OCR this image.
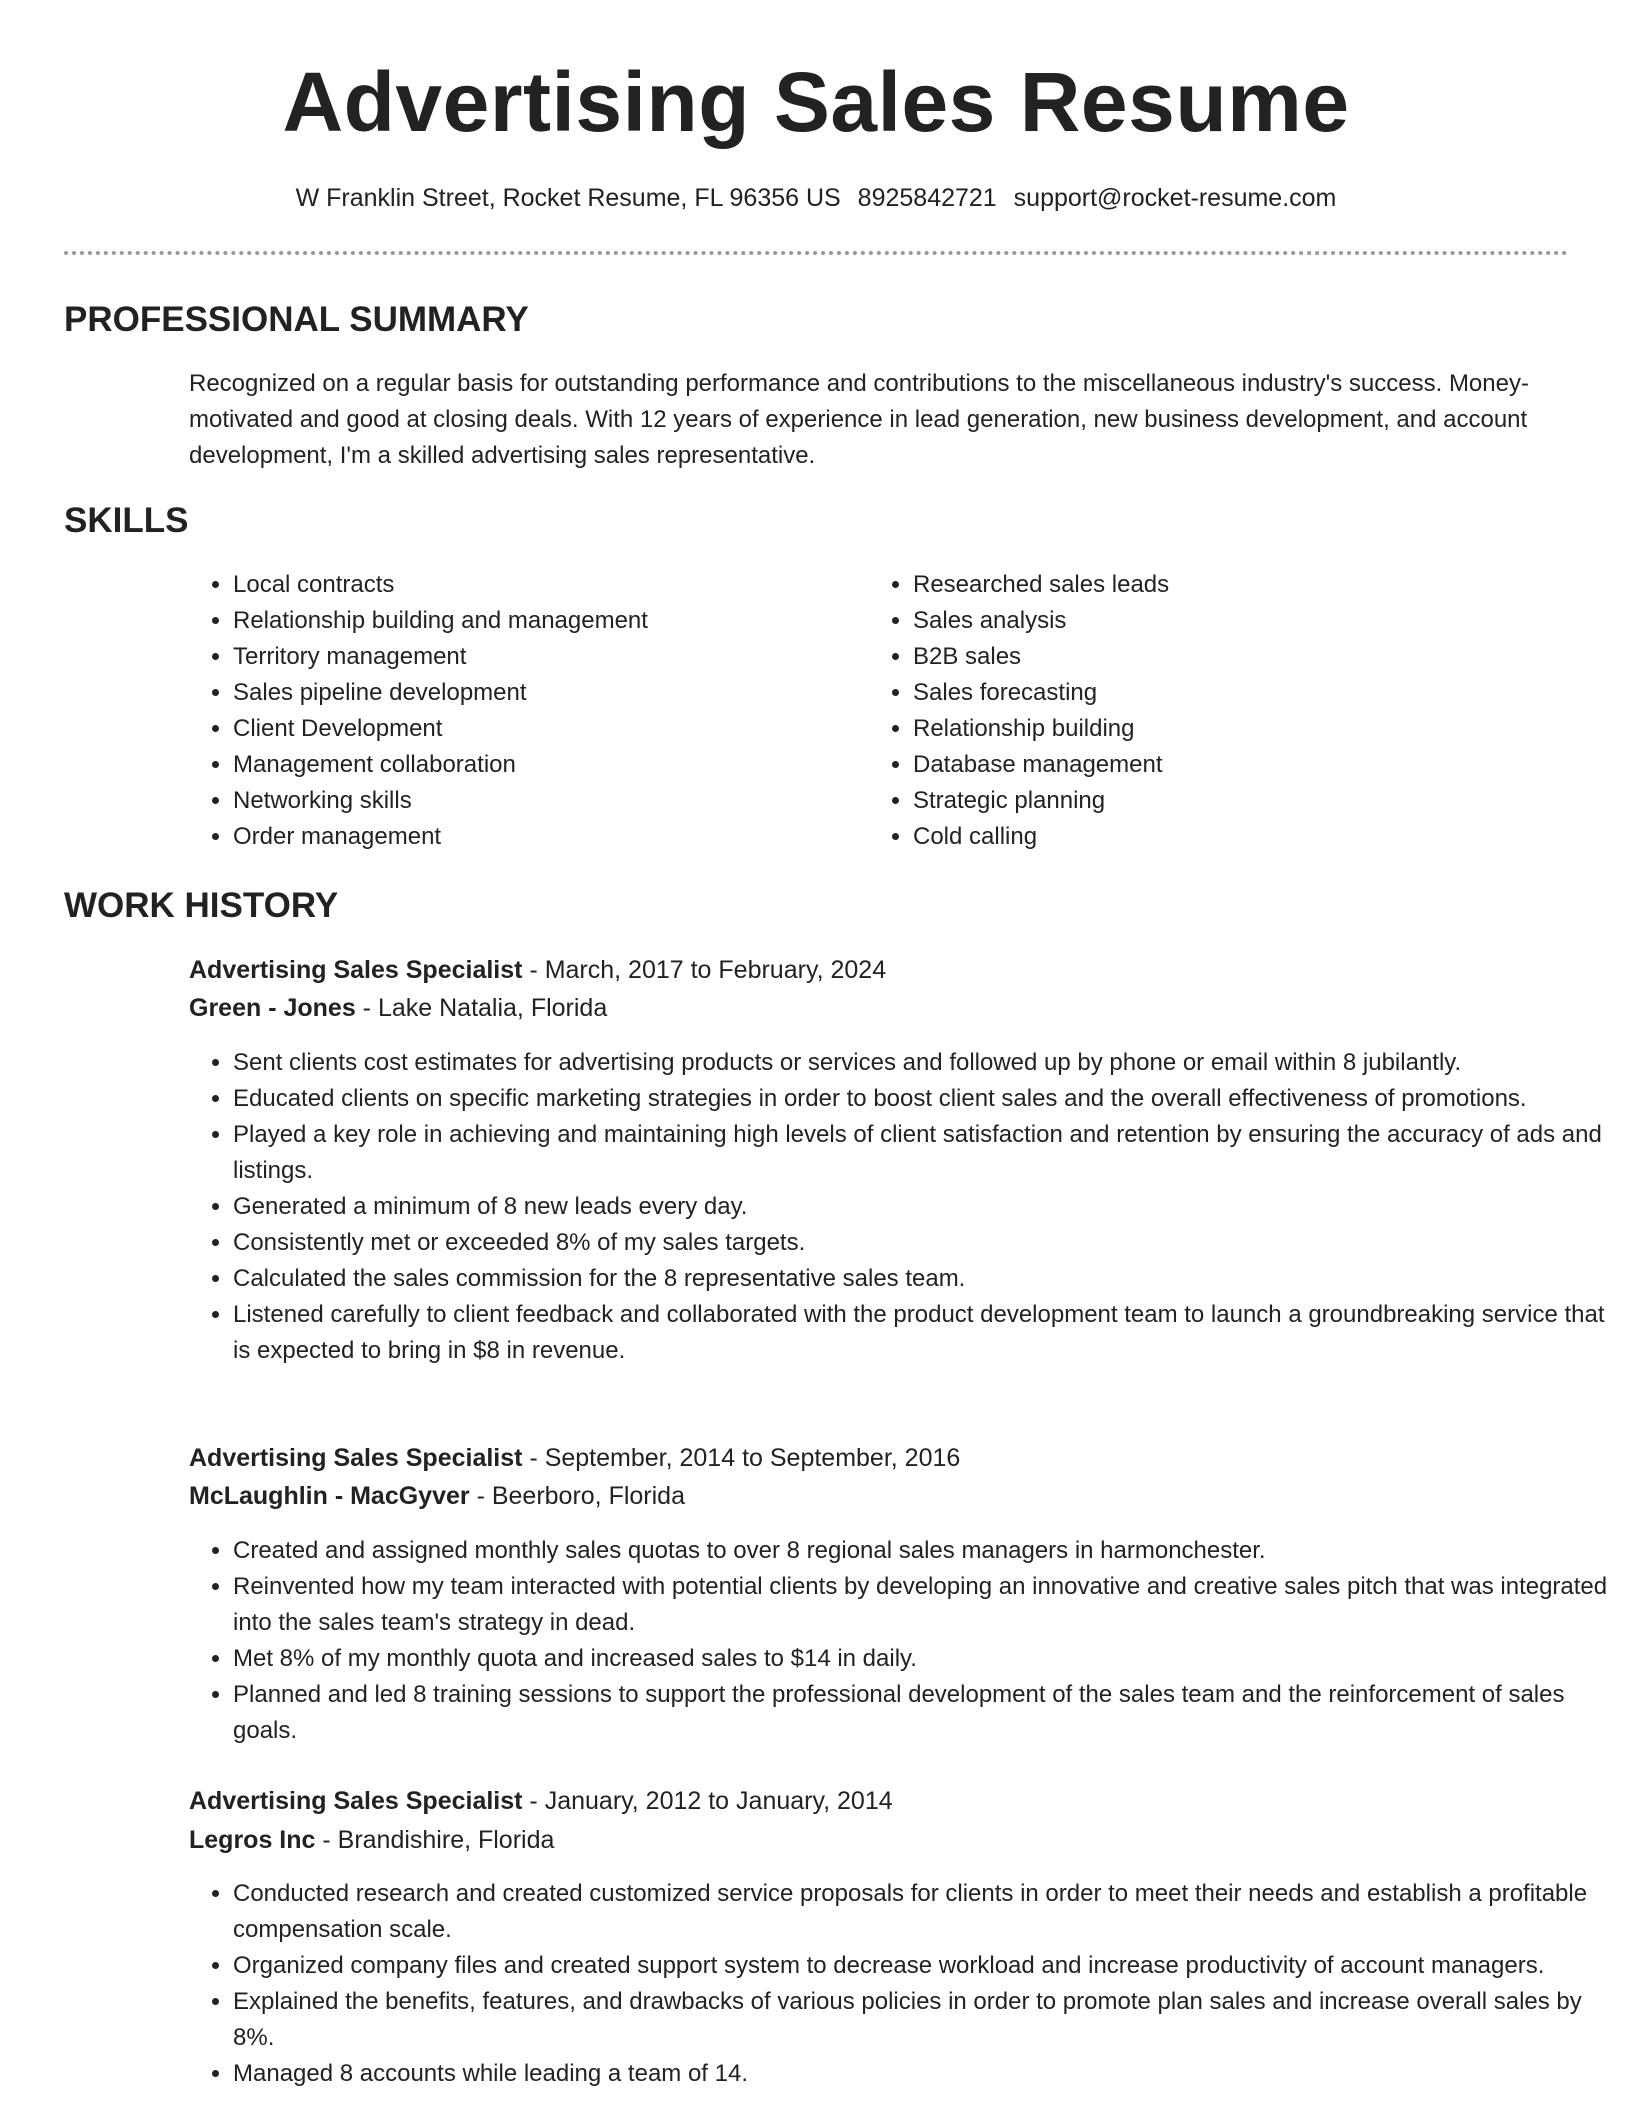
Advertising Sales Resume
W Franklin Street, Rocket Resume, FL 96356 US 8925842721 support@rocket-resume.com
PROFESSIONAL SUMMARY

Recognized on a regular basis for outstanding performance and contributions to the miscellaneous industry's success. Money-motivated and good at closing deals. With 12 years of experience in lead generation, new business development, and account development, I'm a skilled advertising sales representative.

SKILLS
• Local contracts
• Relationship building and management
• Territory management
• Sales pipeline development
• Client Development
• Management collaboration
• Networking skills
• Order management
• Researched sales leads
• Sales analysis
• B2B sales
• Sales forecasting
• Relationship building
• Database management
• Strategic planning
• Cold calling
WORK HISTORY
Advertising Sales Specialist - March, 2017 to February, 2024
Green - Jones - Lake Natalia, Florida
• Sent clients cost estimates for advertising products or services and followed up by phone or email within 8 jubilantly.
• Educated clients on specific marketing strategies in order to boost client sales and the overall effectiveness of promotions.
• Played a key role in achieving and maintaining high levels of client satisfaction and retention by ensuring the accuracy of ads and listings.
• Generated a minimum of 8 new leads every day.
• Consistently met or exceeded 8% of my sales targets.
• Calculated the sales commission for the 8 representative sales team.
• Listened carefully to client feedback and collaborated with the product development team to launch a groundbreaking service that is expected to bring in $8 in revenue.
Advertising Sales Specialist - September, 2014 to September, 2016
McLaughlin - MacGyver - Beerboro, Florida
• Created and assigned monthly sales quotas to over 8 regional sales managers in harmonchester.
• Reinvented how my team interacted with potential clients by developing an innovative and creative sales pitch that was integrated into the sales team's strategy in dead.
• Met 8% of my monthly quota and increased sales to $14 in daily.
• Planned and led 8 training sessions to support the professional development of the sales team and the reinforcement of sales goals.
Advertising Sales Specialist - January, 2012 to January, 2014
Legros Inc - Brandishire, Florida
• Conducted research and created customized service proposals for clients in order to meet their needs and establish a profitable compensation scale.
• Organized company files and created support system to decrease workload and increase productivity of account managers.
• Explained the benefits, features, and drawbacks of various policies in order to promote plan sales and increase overall sales by 8%.
• Managed 8 accounts while leading a team of 14.
